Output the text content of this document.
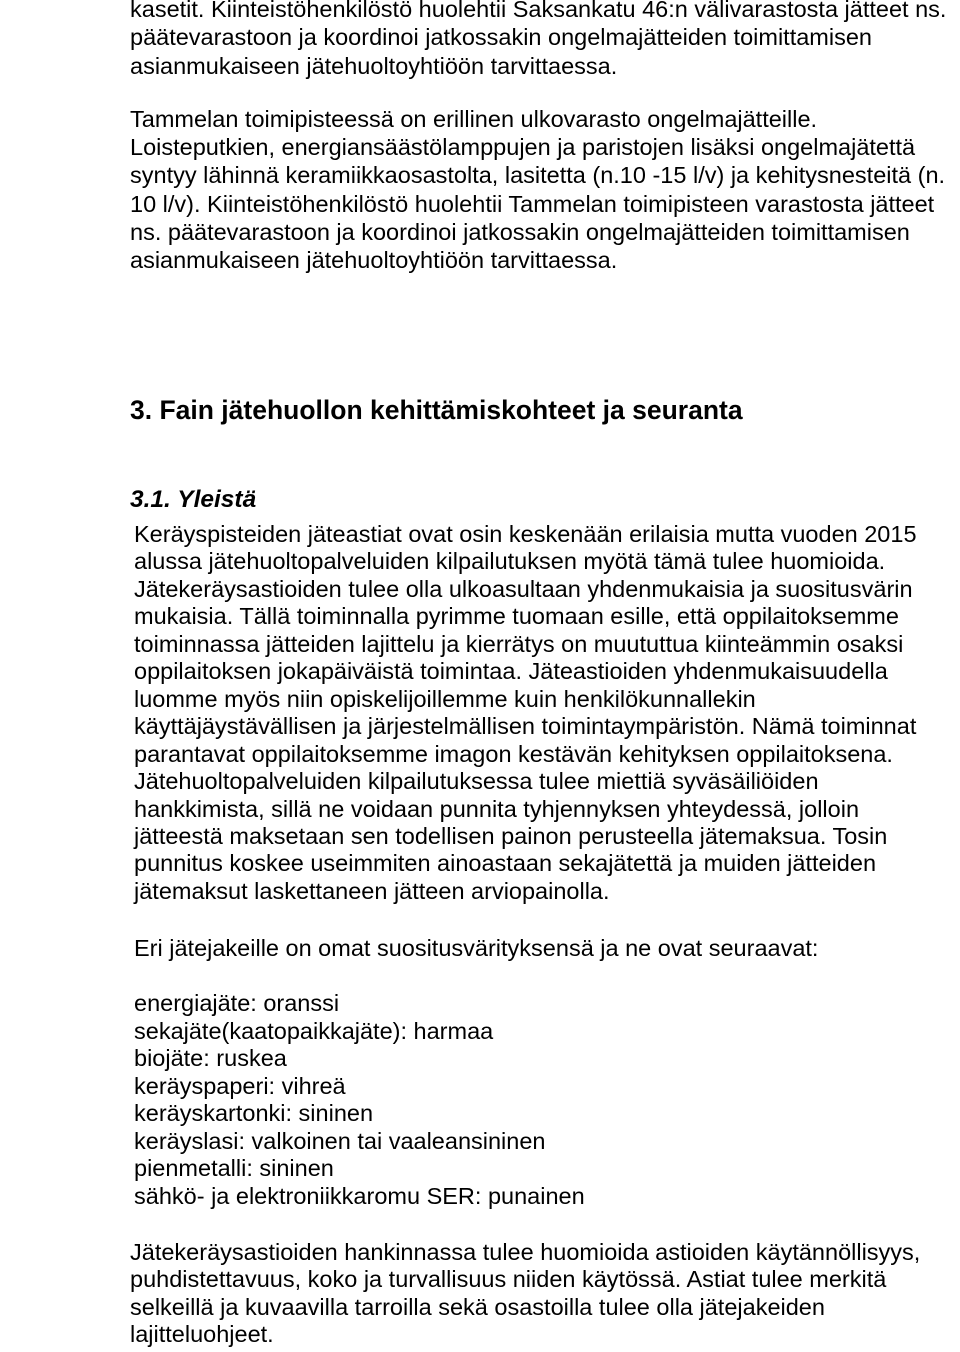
kasetit. Kiinteistöhenkilöstö huolehtii Saksankatu 46:n välivarastosta jätteet ns.
päätevarastoon ja koordinoi jatkossakin ongelmajätteiden toimittamisen
asianmukaiseen jätehuoltoyhtiöön tarvittaessa.
Tammelan toimipisteessä on erillinen ulkovarasto ongelmajätteille.
Loisteputkien, energiansäästölamppujen ja paristojen lisäksi ongelmajätettä
syntyy lähinnä keramiikkaosastolta, lasitetta (n.10 -15 l/v) ja kehitysnesteitä (n.
10 l/v). Kiinteistöhenkilöstö huolehtii Tammelan toimipisteen varastosta jätteet
ns. päätevarastoon ja koordinoi jatkossakin ongelmajätteiden toimittamisen
asianmukaiseen jätehuoltoyhtiöön tarvittaessa.
3. Fain jätehuollon kehittämiskohteet ja seuranta
3.1. Yleistä
Keräyspisteiden jäteastiat ovat osin keskenään erilaisia mutta vuoden 2015
alussa jätehuoltopalveluiden kilpailutuksen myötä tämä tulee huomioida.
Jätekeräysastioiden tulee olla ulkoasultaan yhdenmukaisia ja suositusvärin
mukaisia. Tällä toiminnalla pyrimme tuomaan esille, että oppilaitoksemme
toiminnassa jätteiden lajittelu ja kierrätys on muututtua kiinteämmin osaksi
oppilaitoksen jokapäiväistä toimintaa. Jäteastioiden yhdenmukaisuudella
luomme myös niin opiskelijoillemme kuin henkilökunnallekin
käyttäjäystävällisen ja järjestelmällisen toimintaympäristön. Nämä toiminnat
parantavat oppilaitoksemme imagon kestävän kehityksen oppilaitoksena.
Jätehuoltopalveluiden kilpailutuksessa tulee miettiä syväsäiliöiden
hankkimista, sillä ne voidaan punnita tyhjennyksen yhteydessä, jolloin
jätteestä maksetaan sen todellisen painon perusteella jätemaksua. Tosin
punnitus koskee useimmiten ainoastaan sekajätettä ja muiden jätteiden
jätemaksut laskettaneen jätteen arviopainolla.
Eri jätejakeille on omat suositusvärityksensä ja ne ovat seuraavat:
energiajäte: oranssi
sekajäte(kaatopaikkajäte): harmaa
biojäte: ruskea
keräyspaperi: vihreä
keräyskartonki: sininen
keräyslasi: valkoinen tai vaaleansininen
pienmetalli: sininen
sähkö- ja elektroniikkaromu SER: punainen
Jätekeräysastioiden hankinnassa tulee huomioida astioiden käytännöllisyys,
puhdistettavuus, koko ja turvallisuus niiden käytössä. Astiat tulee merkitä
selkeillä ja kuvaavilla tarroilla sekä osastoilla tulee olla jätejakeiden
lajitteluohjeet.
